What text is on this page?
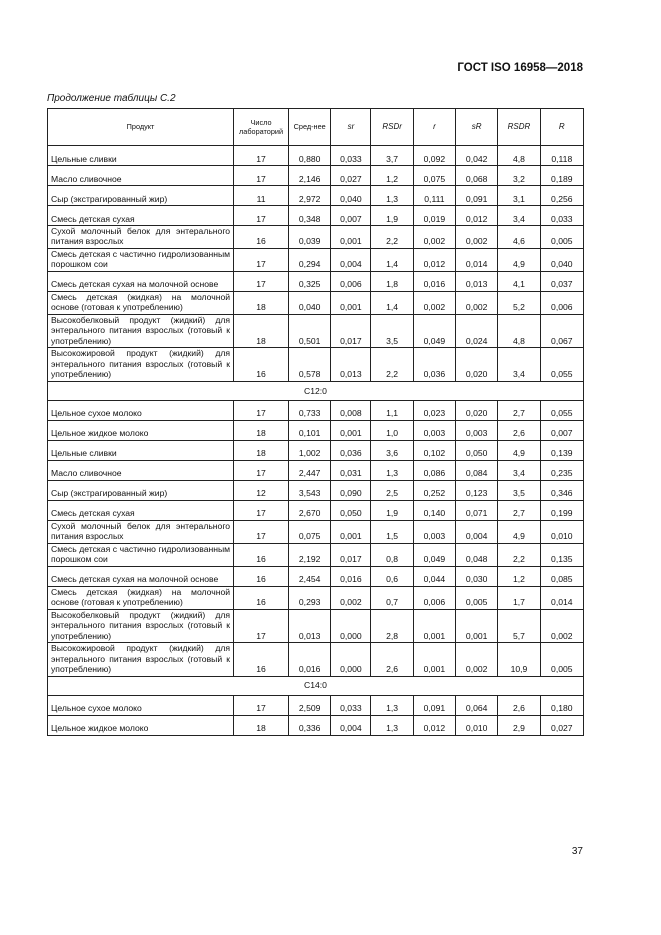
ГОСТ ISO 16958—2018
Продолжение таблицы С.2
Продукт	Число лабораторий	Сред-нее	sr	RSDr	r	sR	RSDR	R
Цельные сливки	17	0,880	0,033	3,7	0,092	0,042	4,8	0,118
Масло сливочное	17	2,146	0,027	1,2	0,075	0,068	3,2	0,189
Сыр (экстрагированный жир)	11	2,972	0,040	1,3	0,111	0,091	3,1	0,256
Смесь детская сухая	17	0,348	0,007	1,9	0,019	0,012	3,4	0,033
Сухой молочный белок для энтерального питания взрослых	16	0,039	0,001	2,2	0,002	0,002	4,6	0,005
Смесь детская с частично гидролизованным порошком сои	17	0,294	0,004	1,4	0,012	0,014	4,9	0,040
Смесь детская сухая на молочной основе	17	0,325	0,006	1,8	0,016	0,013	4,1	0,037
Смесь детская (жидкая) на молочной основе (готовая к употреблению)	18	0,040	0,001	1,4	0,002	0,002	5,2	0,006
Высокобелковый продукт (жидкий) для энтерального питания взрослых (готовый к употреблению)	18	0,501	0,017	3,5	0,049	0,024	4,8	0,067
Высокожировой продукт (жидкий) для энтерального питания взрослых (готовый к употреблению)	16	0,578	0,013	2,2	0,036	0,020	3,4	0,055
С12:0								
Цельное сухое молоко	17	0,733	0,008	1,1	0,023	0,020	2,7	0,055
Цельное жидкое молоко	18	0,101	0,001	1,0	0,003	0,003	2,6	0,007
Цельные сливки	18	1,002	0,036	3,6	0,102	0,050	4,9	0,139
Масло сливочное	17	2,447	0,031	1,3	0,086	0,084	3,4	0,235
Сыр (экстрагированный жир)	12	3,543	0,090	2,5	0,252	0,123	3,5	0,346
Смесь детская сухая	17	2,670	0,050	1,9	0,140	0,071	2,7	0,199
Сухой молочный белок для энтерального питания взрослых	17	0,075	0,001	1,5	0,003	0,004	4,9	0,010
Смесь детская с частично гидролизованным порошком сои	16	2,192	0,017	0,8	0,049	0,048	2,2	0,135
Смесь детская сухая на молочной основе	16	2,454	0,016	0,6	0,044	0,030	1,2	0,085
Смесь детская (жидкая) на молочной основе (готовая к употреблению)	16	0,293	0,002	0,7	0,006	0,005	1,7	0,014
Высокобелковый продукт (жидкий) для энтерального питания взрослых (готовый к употреблению)	17	0,013	0,000	2,8	0,001	0,001	5,7	0,002
Высокожировой продукт (жидкий) для энтерального питания взрослых (готовый к употреблению)	16	0,016	0,000	2,6	0,001	0,002	10,9	0,005
С14:0								
Цельное сухое молоко	17	2,509	0,033	1,3	0,091	0,064	2,6	0,180
Цельное жидкое молоко	18	0,336	0,004	1,3	0,012	0,010	2,9	0,027
37
